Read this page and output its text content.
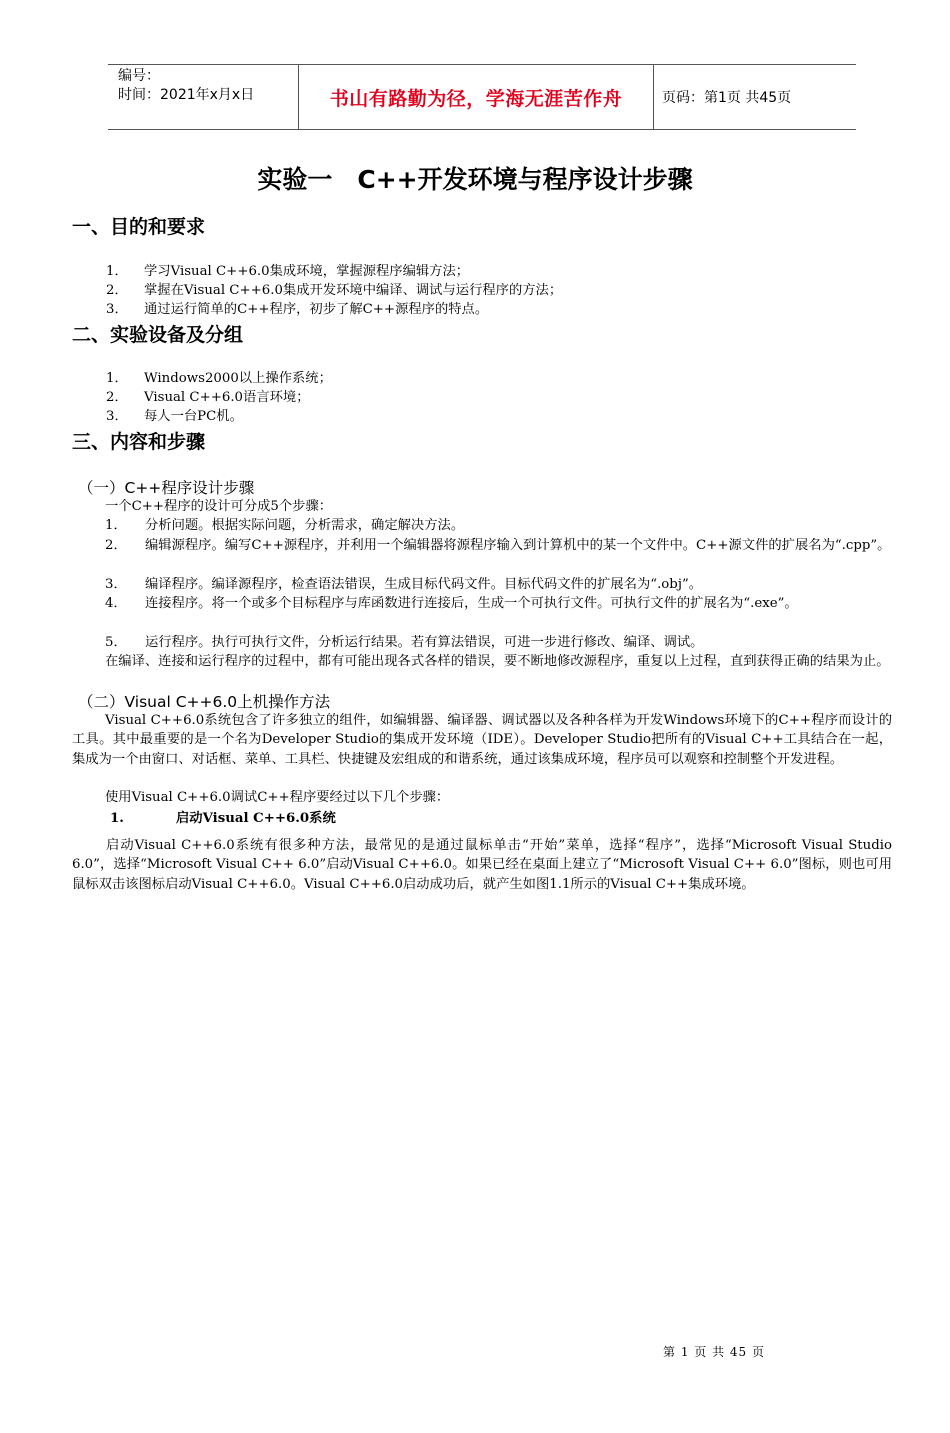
编号：
时间：2021年x月x日	书山有路勤为径，学海无涯苦作舟	页码：第1页 共45页
实验一　C++开发环境与程序设计步骤
一、目的和要求
1． 学习Visual C++6.0集成环境，掌握源程序编辑方法；
2． 掌握在Visual C++6.0集成开发环境中编译、调试与运行程序的方法；
3． 通过运行简单的C++程序，初步了解C++源程序的特点。
二、实验设备及分组
1． Windows2000以上操作系统；
2． Visual C++6.0语言环境；
3． 每人一台PC机。
三、内容和步骤
（一）C++程序设计步骤
一个C++程序的设计可分成5个步骤：
1． 分析问题。根据实际问题，分析需求，确定解决方法。
2． 编辑源程序。编写C++源程序，并利用一个编辑器将源程序输入到计算机中的某一个文件中。C++源文件的扩展名为“.cpp”。
3． 编译程序。编译源程序，检查语法错误，生成目标代码文件。目标代码文件的扩展名为“.obj”。
4． 连接程序。将一个或多个目标程序与库函数进行连接后，生成一个可执行文件。可执行文件的扩展名为“.exe”。
5． 运行程序。执行可执行文件，分析运行结果。若有算法错误，可进一步进行修改、编译、调试。
在编译、连接和运行程序的过程中，都有可能出现各式各样的错误，要不断地修改源程序，重复以上过程，直到获得正确的结果为止。
（二）Visual C++6.0上机操作方法
Visual C++6.0系统包含了许多独立的组件，如编辑器、编译器、调试器以及各种各样为开发Windows环境下的C++程序而设计的工具。其中最重要的是一个名为Developer Studio的集成开发环境（IDE）。Developer Studio把所有的Visual C++工具结合在一起，集成为一个由窗口、对话框、菜单、工具栏、快捷键及宏组成的和谐系统，通过该集成环境，程序员可以观察和控制整个开发进程。
使用Visual C++6.0调试C++程序要经过以下几个步骤：
1.	启动Visual C++6.0系统
启动Visual C++6.0系统有很多种方法，最常见的是通过鼠标单击“开始”菜单，选择“程序”，选择“Microsoft Visual Studio 6.0”，选择“Microsoft Visual C++ 6.0”启动Visual C++6.0。如果已经在桌面上建立了“Microsoft Visual C++ 6.0”图标，则也可用鼠标双击该图标启动Visual C++6.0。Visual C++6.0启动成功后，就产生如图1.1所示的Visual C++集成环境。
第 1 页 共 45 页
